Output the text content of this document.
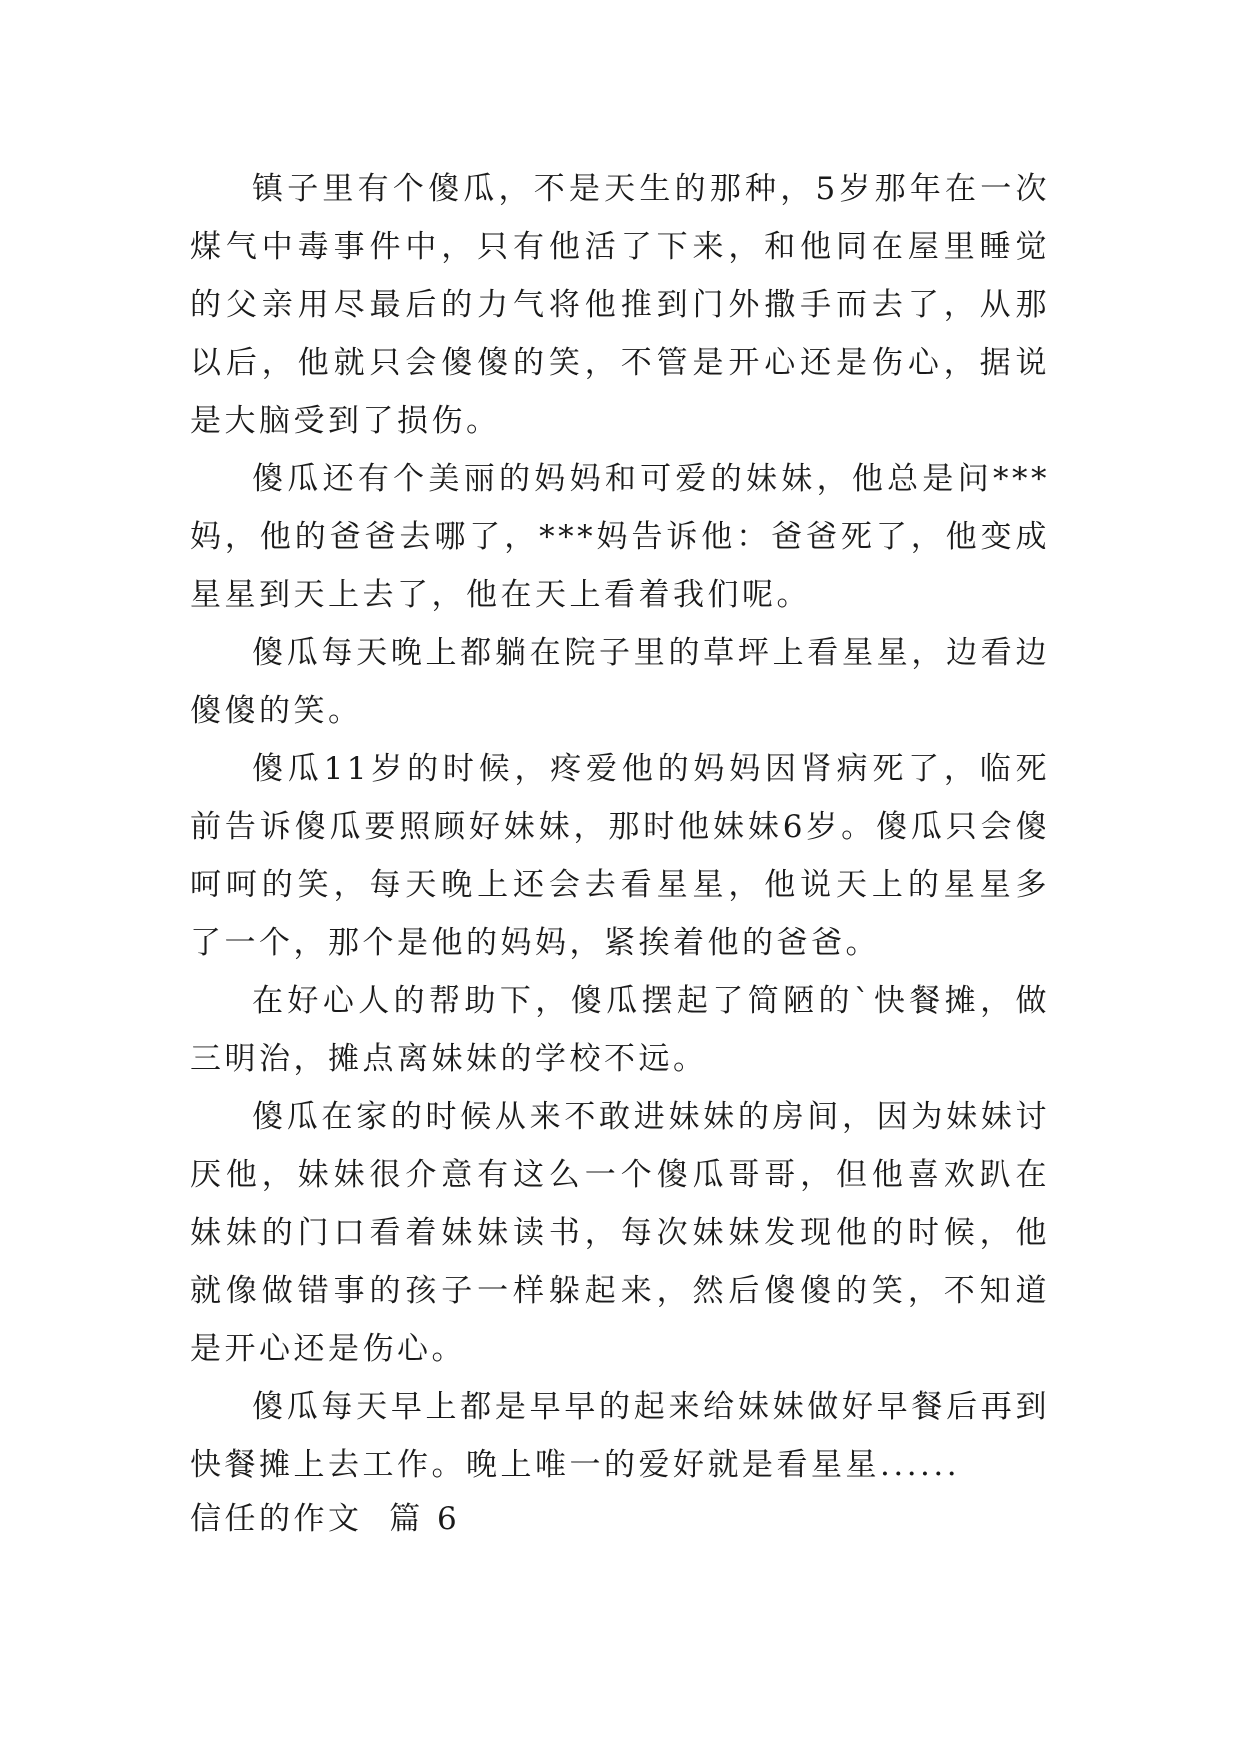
镇子里有个傻瓜，不是天生的那种，5岁那年在一次煤气中毒事件中，只有他活了下来，和他同在屋里睡觉的父亲用尽最后的力气将他推到门外撒手而去了，从那以后，他就只会傻傻的笑，不管是开心还是伤心，据说是大脑受到了损伤。

傻瓜还有个美丽的妈妈和可爱的妹妹，他总是问***妈，他的爸爸去哪了，***妈告诉他：爸爸死了，他变成星星到天上去了，他在天上看着我们呢。

傻瓜每天晚上都躺在院子里的草坪上看星星，边看边傻傻的笑。

傻瓜11岁的时候，疼爱他的妈妈因肾病死了，临死前告诉傻瓜要照顾好妹妹，那时他妹妹6岁。傻瓜只会傻呵呵的笑，每天晚上还会去看星星，他说天上的星星多了一个，那个是他的妈妈，紧挨着他的爸爸。

在好心人的帮助下，傻瓜摆起了简陋的`快餐摊，做三明治，摊点离妹妹的学校不远。

傻瓜在家的时候从来不敢进妹妹的房间，因为妹妹讨厌他，妹妹很介意有这么一个傻瓜哥哥，但他喜欢趴在妹妹的门口看着妹妹读书，每次妹妹发现他的时候，他就像做错事的孩子一样躲起来，然后傻傻的笑，不知道是开心还是伤心。

傻瓜每天早上都是早早的起来给妹妹做好早餐后再到快餐摊上去工作。晚上唯一的爱好就是看星星......

信任的作文  篇 6
